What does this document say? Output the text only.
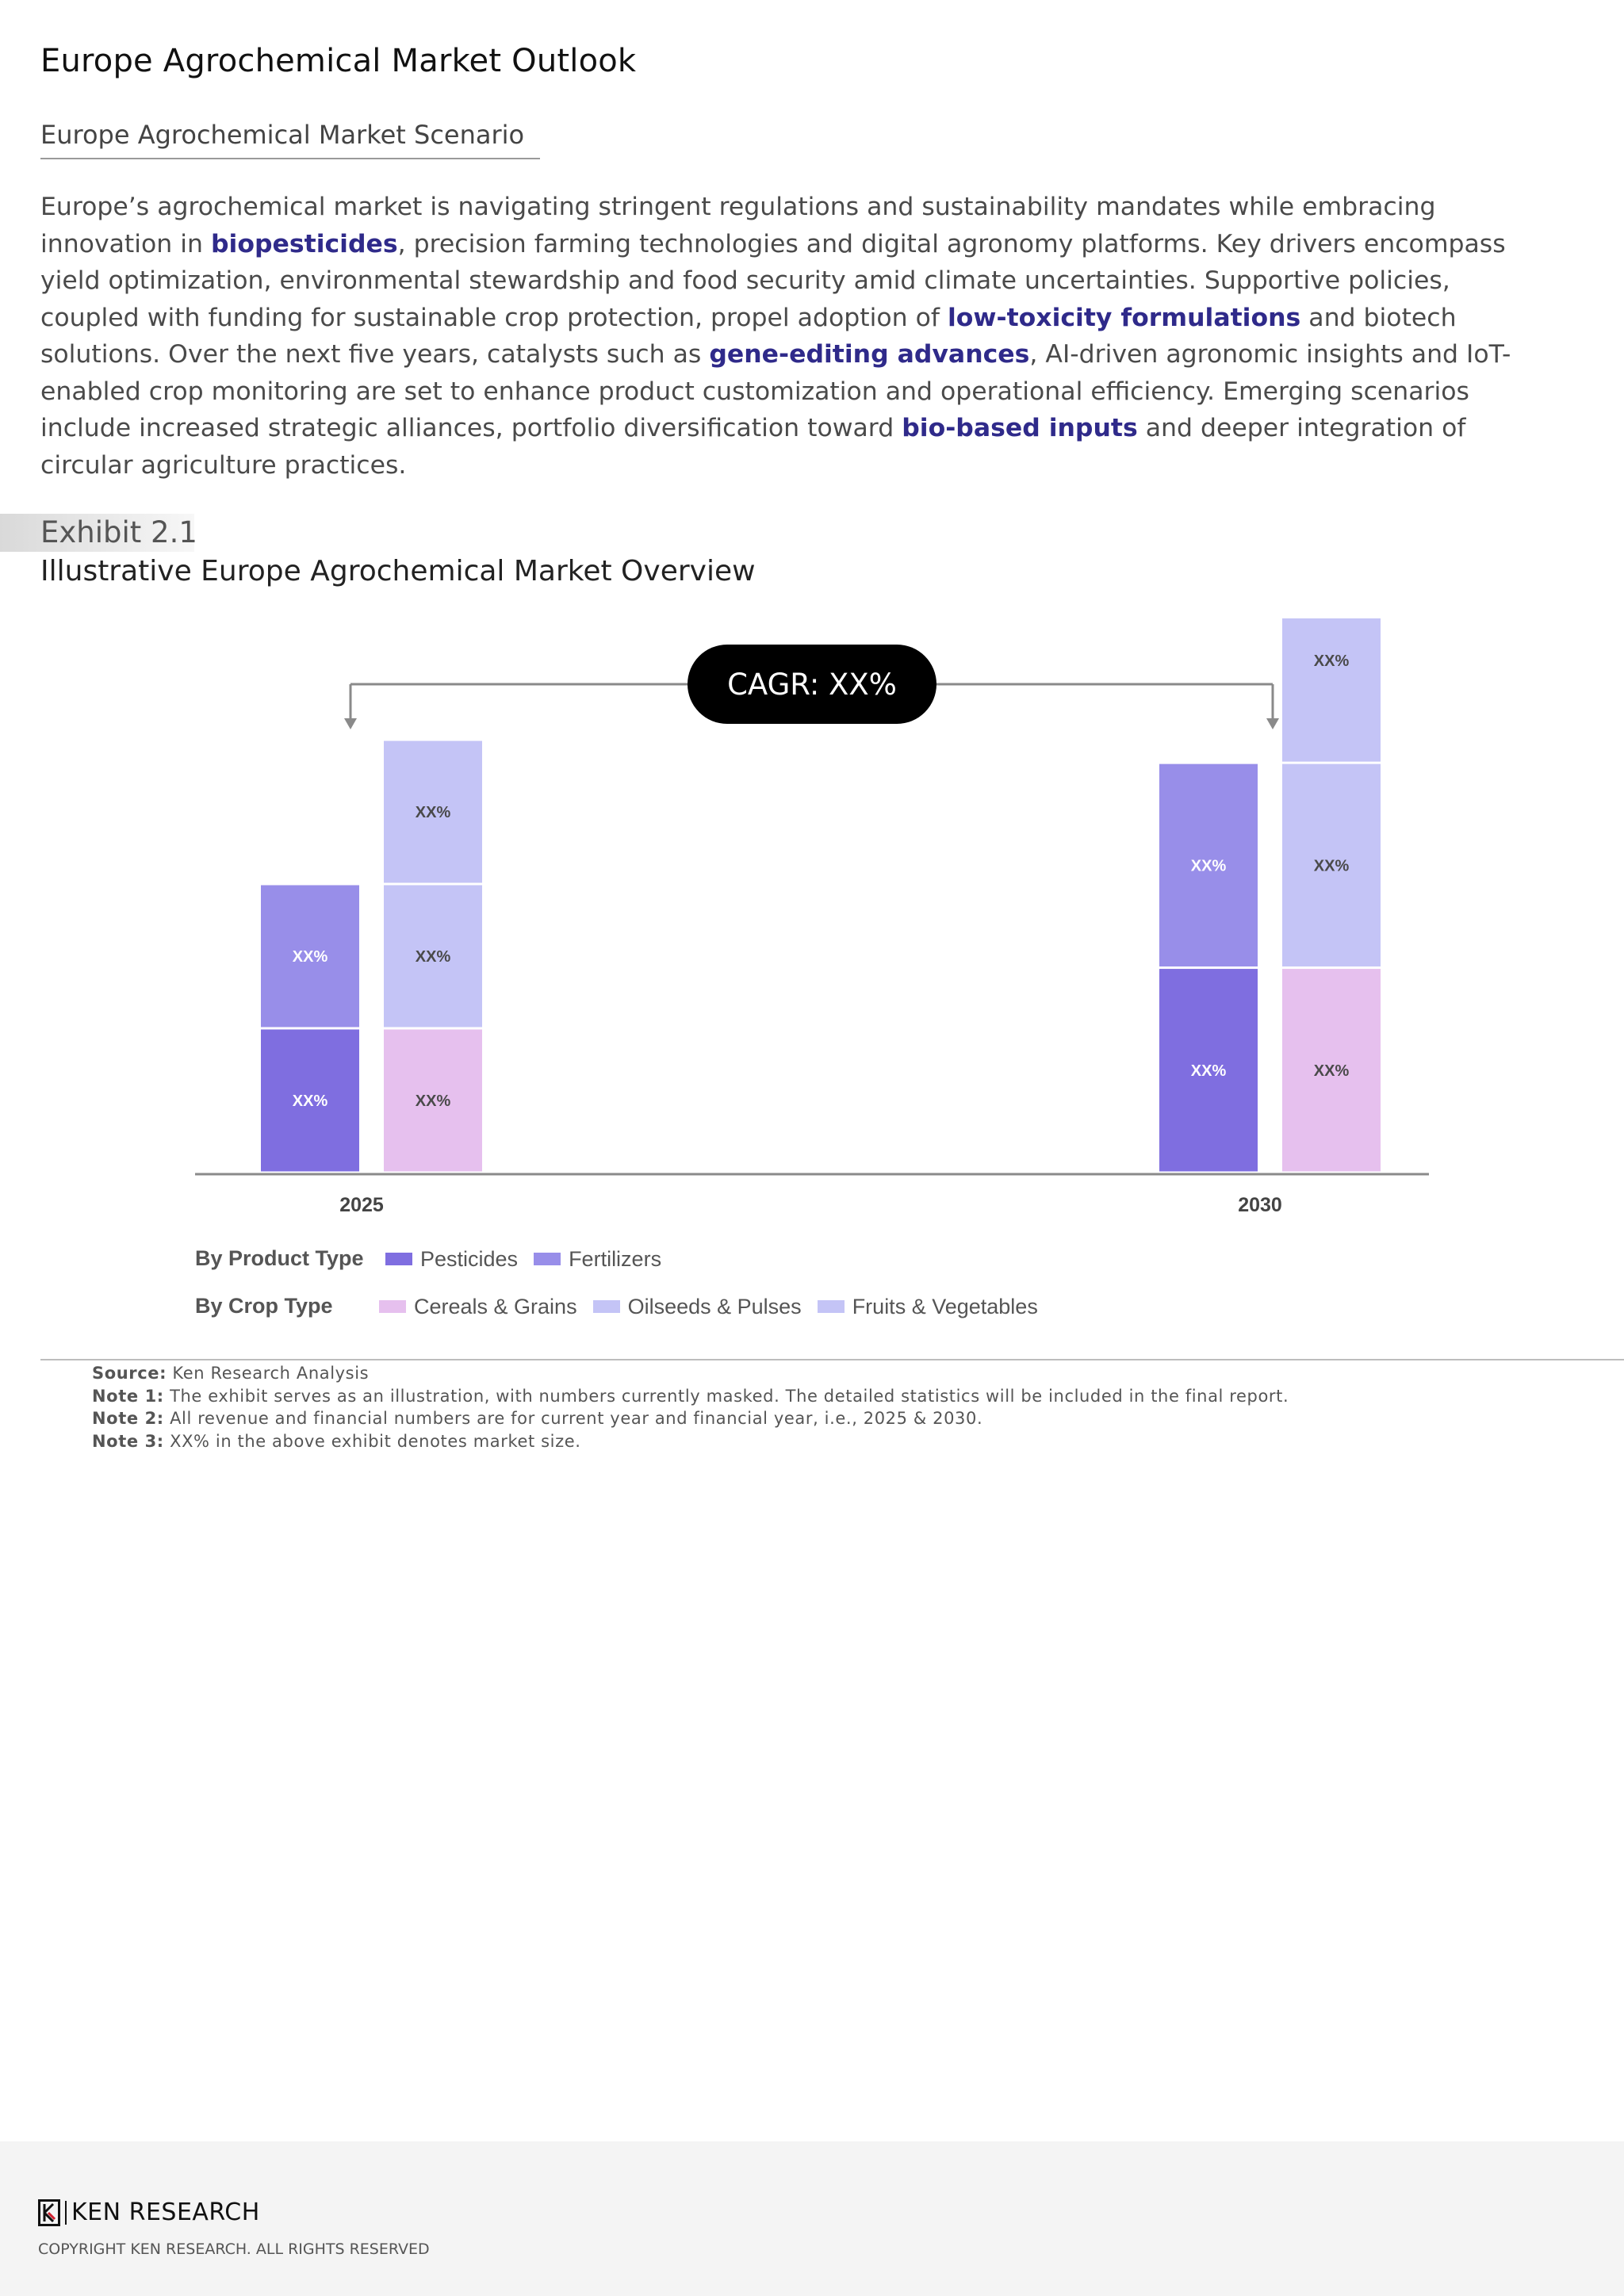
Europe Agrochemical Market Outlook
Europe Agrochemical Market Scenario

Europe’s agrochemical market is navigating stringent regulations and sustainability mandates while embracing innovation in biopesticides, precision farming technologies and digital agronomy platforms. Key drivers encompass yield optimization, environmental stewardship and food security amid climate uncertainties. Supportive policies, coupled with funding for sustainable crop protection, propel adoption of low-toxicity formulations and biotech solutions. Over the next five years, catalysts such as gene-editing advances, AI-driven agronomic insights and IoT-enabled crop monitoring are set to enhance product customization and operational efficiency. Emerging scenarios include increased strategic alliances, portfolio diversification toward bio-based inputs and deeper integration of circular agriculture practices.

Exhibit 2.1
Illustrative Europe Agrochemical Market Overview
CAGR: XX%
XX%
XX%
XX%
XX%
XX%
XX%
XX%
XX%
XX%
XX%
2025	2030
By Product Type	Pesticides Fertilizers
By Crop Type	Cereals & Grains Oilseeds & Pulses Fruits & Vegetables
Source: Ken Research Analysis
Note 1: The exhibit serves as an illustration, with numbers currently masked. The detailed statistics will be included in the final report.
Note 2: All revenue and financial numbers are for current year and financial year, i.e., 2025 & 2030.
Note 3: XX% in the above exhibit denotes market size.
KEN RESEARCH
COPYRIGHT KEN RESEARCH. ALL RIGHTS RESERVED
